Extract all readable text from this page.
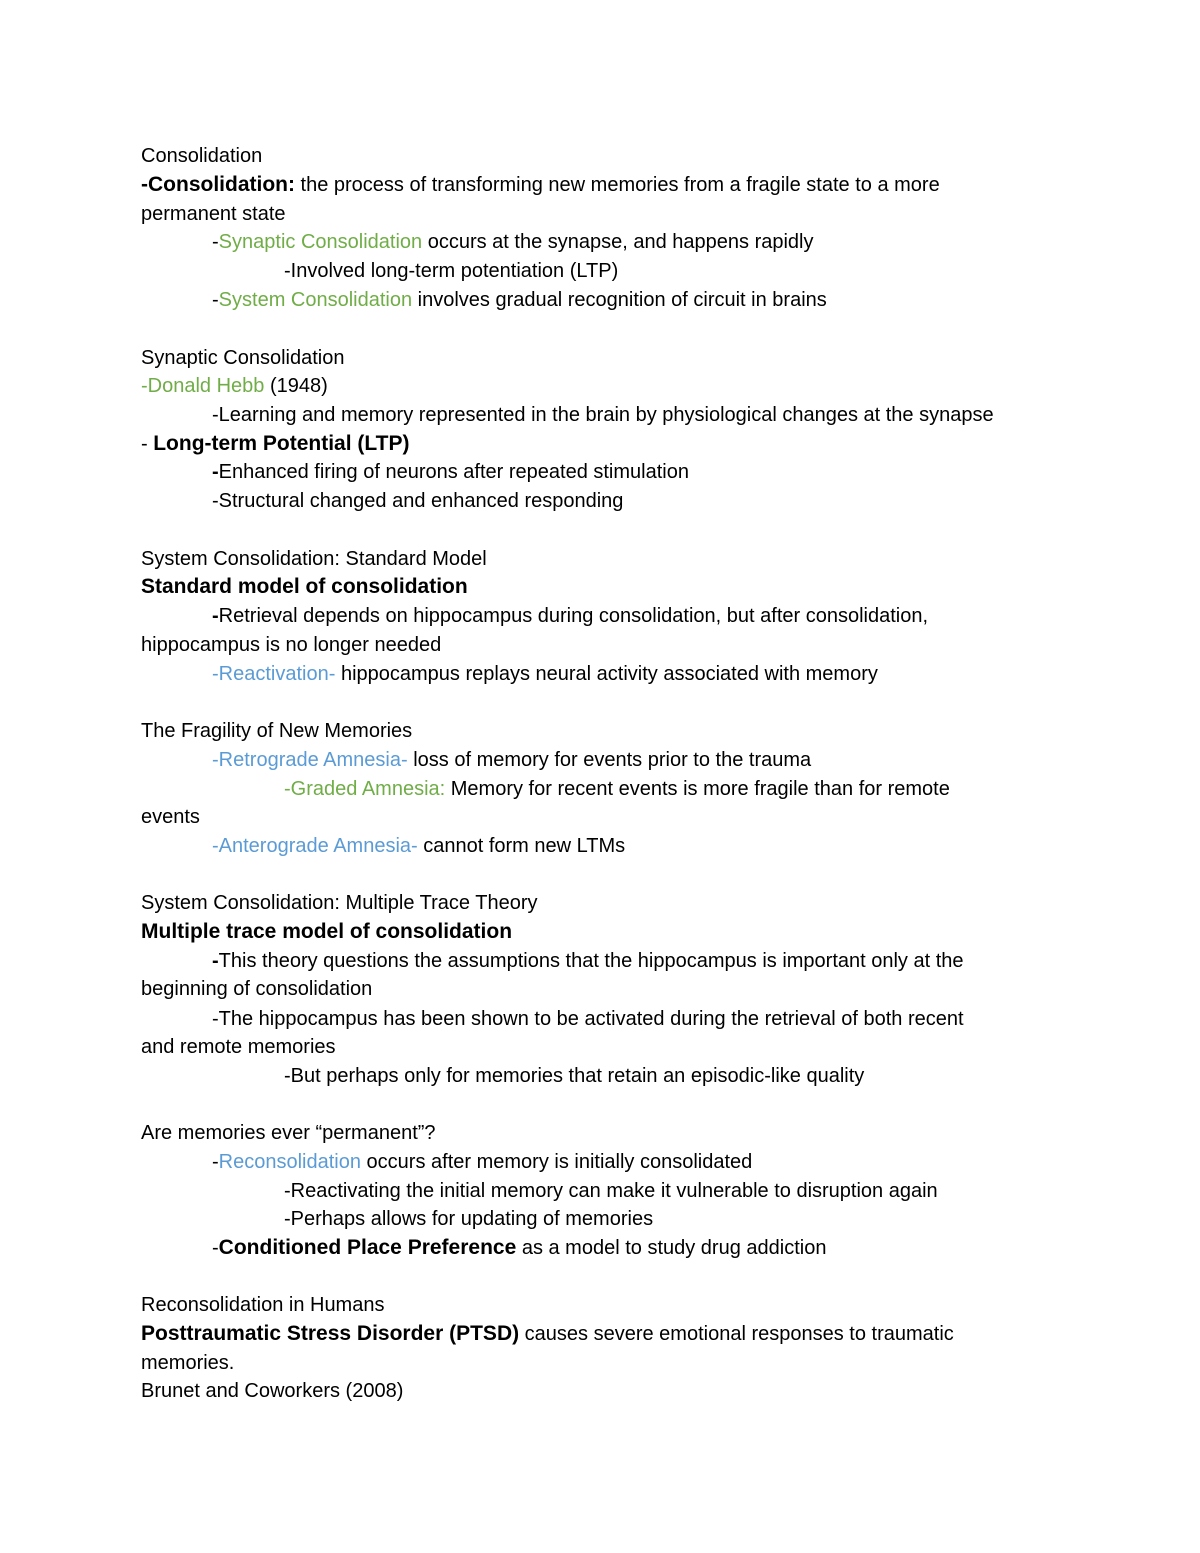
Consolidation
-Consolidation: the process of transforming new memories from a fragile state to a more
permanent state
-Synaptic Consolidation occurs at the synapse, and happens rapidly
-Involved long-term potentiation (LTP)
-System Consolidation involves gradual recognition of circuit in brains
Synaptic Consolidation
-Donald Hebb (1948)
-Learning and memory represented in the brain by physiological changes at the synapse
- Long-term Potential (LTP)
-Enhanced firing of neurons after repeated stimulation
-Structural changed and enhanced responding
System Consolidation: Standard Model
Standard model of consolidation
-Retrieval depends on hippocampus during consolidation, but after consolidation,
hippocampus is no longer needed
-Reactivation- hippocampus replays neural activity associated with memory
The Fragility of New Memories
-Retrograde Amnesia- loss of memory for events prior to the trauma
-Graded Amnesia: Memory for recent events is more fragile than for remote
events
-Anterograde Amnesia- cannot form new LTMs
System Consolidation: Multiple Trace Theory
Multiple trace model of consolidation
-This theory questions the assumptions that the hippocampus is important only at the
beginning of consolidation
-The hippocampus has been shown to be activated during the retrieval of both recent
and remote memories
-But perhaps only for memories that retain an episodic-like quality
Are memories ever “permanent”?
-Reconsolidation occurs after memory is initially consolidated
-Reactivating the initial memory can make it vulnerable to disruption again
-Perhaps allows for updating of memories
-Conditioned Place Preference as a model to study drug addiction
Reconsolidation in Humans
Posttraumatic Stress Disorder (PTSD) causes severe emotional responses to traumatic
memories.
Brunet and Coworkers (2008)
